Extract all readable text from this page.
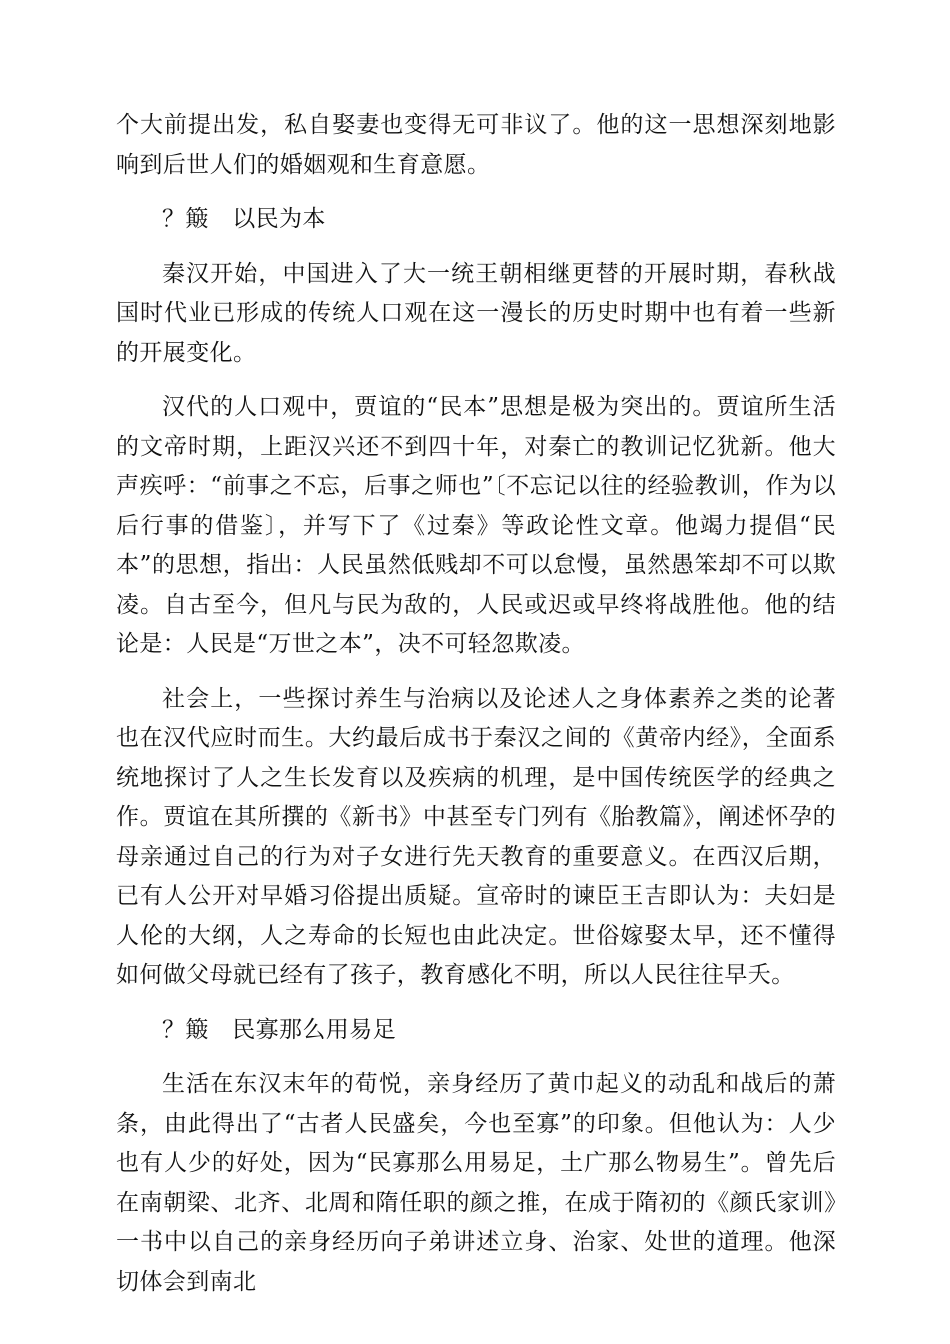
个大前提出发，私自娶妻也变得无可非议了。他的这一思想深刻地影响到后世人们的婚姻观和生育意愿。

？簸　以民为本

秦汉开始，中国进入了大一统王朝相继更替的开展时期，春秋战国时代业已形成的传统人口观在这一漫长的历史时期中也有着一些新的开展变化。

汉代的人口观中，贾谊的“民本”思想是极为突出的。贾谊所生活的文帝时期，上距汉兴还不到四十年，对秦亡的教训记忆犹新。他大声疾呼：“前事之不忘，后事之师也”〔不忘记以往的经验教训，作为以后行事的借鉴〕，并写下了《过秦》等政论性文章。他竭力提倡“民本”的思想，指出：人民虽然低贱却不可以怠慢，虽然愚笨却不可以欺凌。自古至今，但凡与民为敌的，人民或迟或早终将战胜他。他的结论是：人民是“万世之本”，决不可轻忽欺凌。

社会上，一些探讨养生与治病以及论述人之身体素养之类的论著也在汉代应时而生。大约最后成书于秦汉之间的《黄帝内经》，全面系统地探讨了人之生长发育以及疾病的机理，是中国传统医学的经典之作。贾谊在其所撰的《新书》中甚至专门列有《胎教篇》，阐述怀孕的母亲通过自己的行为对子女进行先天教育的重要意义。在西汉后期，已有人公开对早婚习俗提出质疑。宣帝时的谏臣王吉即认为：夫妇是人伦的大纲，人之寿命的长短也由此决定。世俗嫁娶太早，还不懂得如何做父母就已经有了孩子，教育感化不明，所以人民往往早夭。

？簸　民寡那么用易足

生活在东汉末年的荀悦，亲身经历了黄巾起义的动乱和战后的萧条，由此得出了“古者人民盛矣，今也至寡”的印象。但他认为：人少也有人少的好处，因为“民寡那么用易足，土广那么物易生”。曾先后在南朝梁、北齐、北周和隋任职的颜之推，在成于隋初的《颜氏家训》一书中以自己的亲身经历向子弟讲述立身、治家、处世的道理。他深切体会到南北
